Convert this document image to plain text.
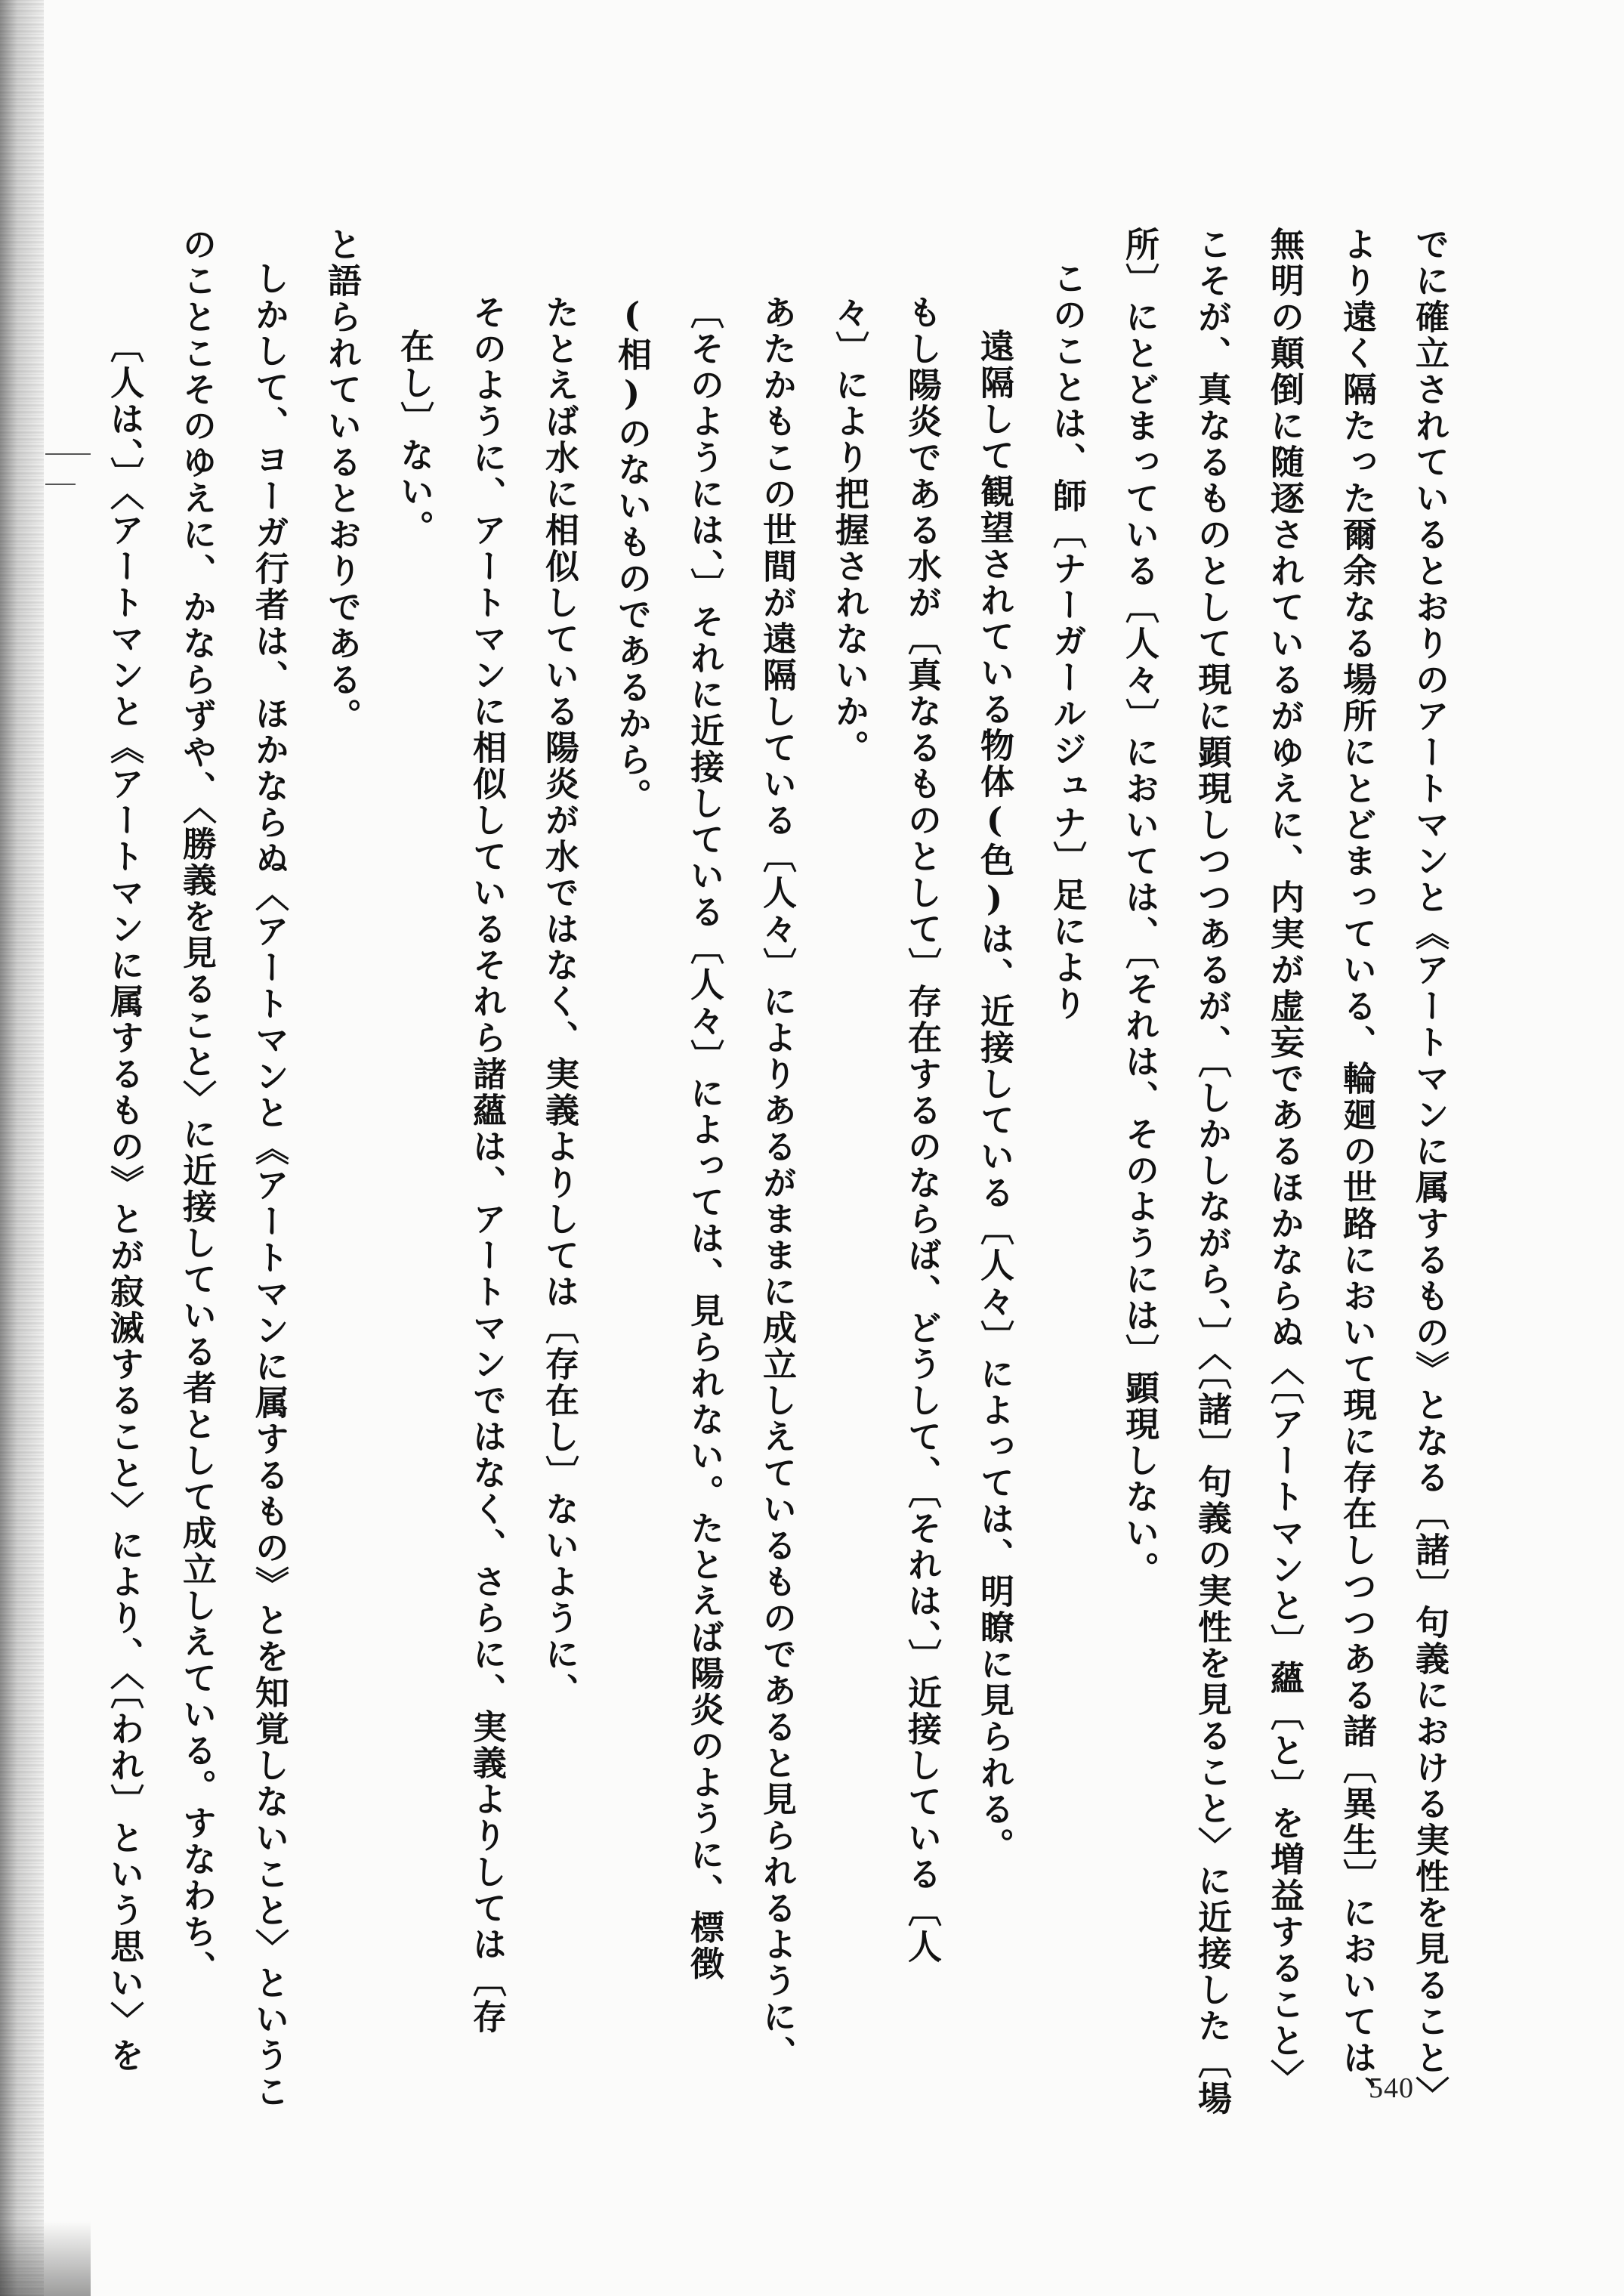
でに確立されているとおりのアートマンと《アートマンに属するもの》となる〔諸〕句義における実性を見ること〉
より遠く隔たった爾余なる場所にとどまっている、輪廻の世路において現に存在しつつある諸〔異生〕においては、
無明の顛倒に随逐されているがゆえに、内実が虚妄であるほかならぬ〈〔アートマンと〕蘊〔と〕を増益すること〉
こそが、真なるものとして現に顕現しつつあるが、〔しかしながら、〕〈〔諸〕句義の実性を見ること〉に近接した〔場
所〕にとどまっている〔人々〕においては、〔それは、そのようには〕顕現しない。
このことは、師〔ナーガールジュナ〕足により
遠隔して観望されている物体(色)は、近接している〔人々〕によっては、明瞭に見られる。
もし陽炎である水が〔真なるものとして〕存在するのならば、どうして、〔それは、〕近接している〔人
々〕により把握されないか。
あたかもこの世間が遠隔している〔人々〕によりあるがままに成立しえているものであると見られるように、
〔そのようには、〕それに近接している〔人々〕によっては、見られない。たとえば陽炎のように、標徴
(相)のないものであるから。
たとえば水に相似している陽炎が水ではなく、実義よりしては〔存在し〕ないように、
そのように、アートマンに相似しているそれら諸蘊は、アートマンではなく、さらに、実義よりしては〔存
在し〕ない。
と語られているとおりである。
しかして、ヨーガ行者は、ほかならぬ〈アートマンと《アートマンに属するもの》とを知覚しないこと〉というこ
のことこそのゆえに、かならずや、〈勝義を見ること〉に近接している者として成立しえている。すなわち、
〔人は、〕〈アートマンと《アートマンに属するもの》とが寂滅すること〉により、〈〔われ〕という思い〉を
540
